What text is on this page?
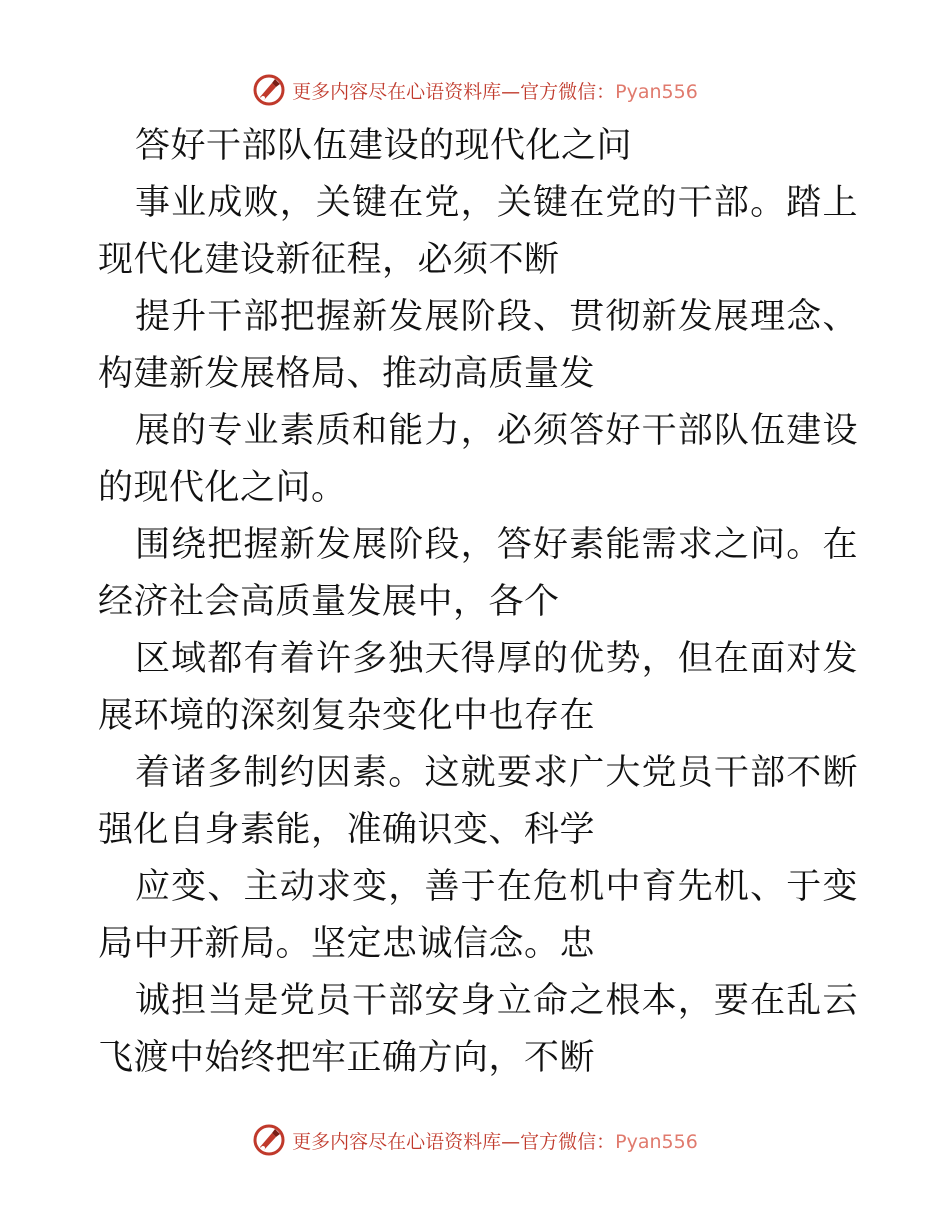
更多内容尽在心语资料库—官方微信：Pyan556

答好干部队伍建设的现代化之问

事业成败，关键在党，关键在党的干部。踏上现代化建设新征程，必须不断

提升干部把握新发展阶段、贯彻新发展理念、构建新发展格局、推动高质量发

展的专业素质和能力，必须答好干部队伍建设的现代化之问。

围绕把握新发展阶段，答好素能需求之问。在经济社会高质量发展中，各个

区域都有着许多独天得厚的优势，但在面对发展环境的深刻复杂变化中也存在

着诸多制约因素。这就要求广大党员干部不断强化自身素能，准确识变、科学

应变、主动求变，善于在危机中育先机、于变局中开新局。坚定忠诚信念。忠

诚担当是党员干部安身立命之根本，要在乱云飞渡中始终把牢正确方向，不断

更多内容尽在心语资料库—官方微信：Pyan556
